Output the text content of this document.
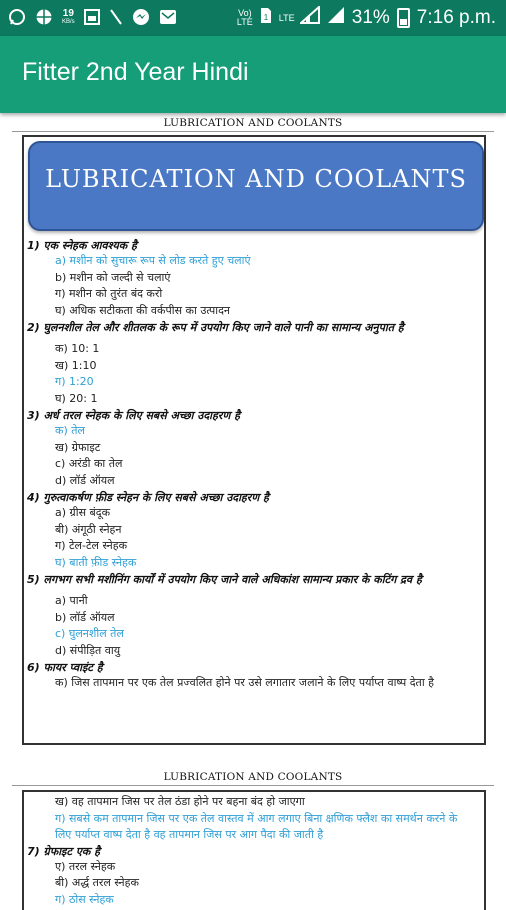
19
KB/s
Vo)
LTE 1 LTE	31% 7:16 p.m.
Fitter 2nd Year Hindi
LUBRICATION AND COOLANTS
LUBRICATION AND COOLANTS
1) एक स्नेहक आवश्यक है
a) मशीन को सुचारू रूप से लोड करते हुए चलाएं
b) मशीन को जल्दी से चलाएं
ग) मशीन को तुरंत बंद करो
घ) अधिक सटीकता की वर्कपीस का उत्पादन
2) घुलनशील तेल और शीतलक के रूप में उपयोग किए जाने वाले पानी का सामान्य अनुपात है
क) 10: 1
ख) 1:10
ग) 1:20
घ) 20: 1
3) अर्ध तरल स्नेहक के लिए सबसे अच्छा उदाहरण है
क) तेल
ख) ग्रेफाइट
c) अरंडी का तेल
d) लॉर्ड ऑयल
4) गुरुत्वाकर्षण फ़ीड स्नेहन के लिए सबसे अच्छा उदाहरण है
a) ग्रीस बंदूक
बी) अंगूठी स्नेहन
ग) टेल-टेल स्नेहक
घ) बाती फ़ीड स्नेहक
5) लगभग सभी मशीनिंग कार्यों में उपयोग किए जाने वाले अधिकांश सामान्य प्रकार के कटिंग द्रव है
a) पानी
b) लॉर्ड ऑयल
c) घुलनशील तेल
d) संपीड़ित वायु
6) फायर प्वाइंट है
क) जिस तापमान पर एक तेल प्रज्वलित होने पर उसे लगातार जलाने के लिए पर्याप्त वाष्प देता है
LUBRICATION AND COOLANTS
ख) वह तापमान जिस पर तेल ठंडा होने पर बहना बंद हो जाएगा
ग) सबसे कम तापमान जिस पर एक तेल वास्तव में आग लगाए बिना क्षणिक फ्लैश का समर्थन करने के लिए पर्याप्त वाष्प देता है वह तापमान जिस पर आग पैदा की जाती है
7) ग्रेफाइट एक है
ए) तरल स्नेहक
बी) अर्द्ध तरल स्नेहक
ग) ठोस स्नेहक
